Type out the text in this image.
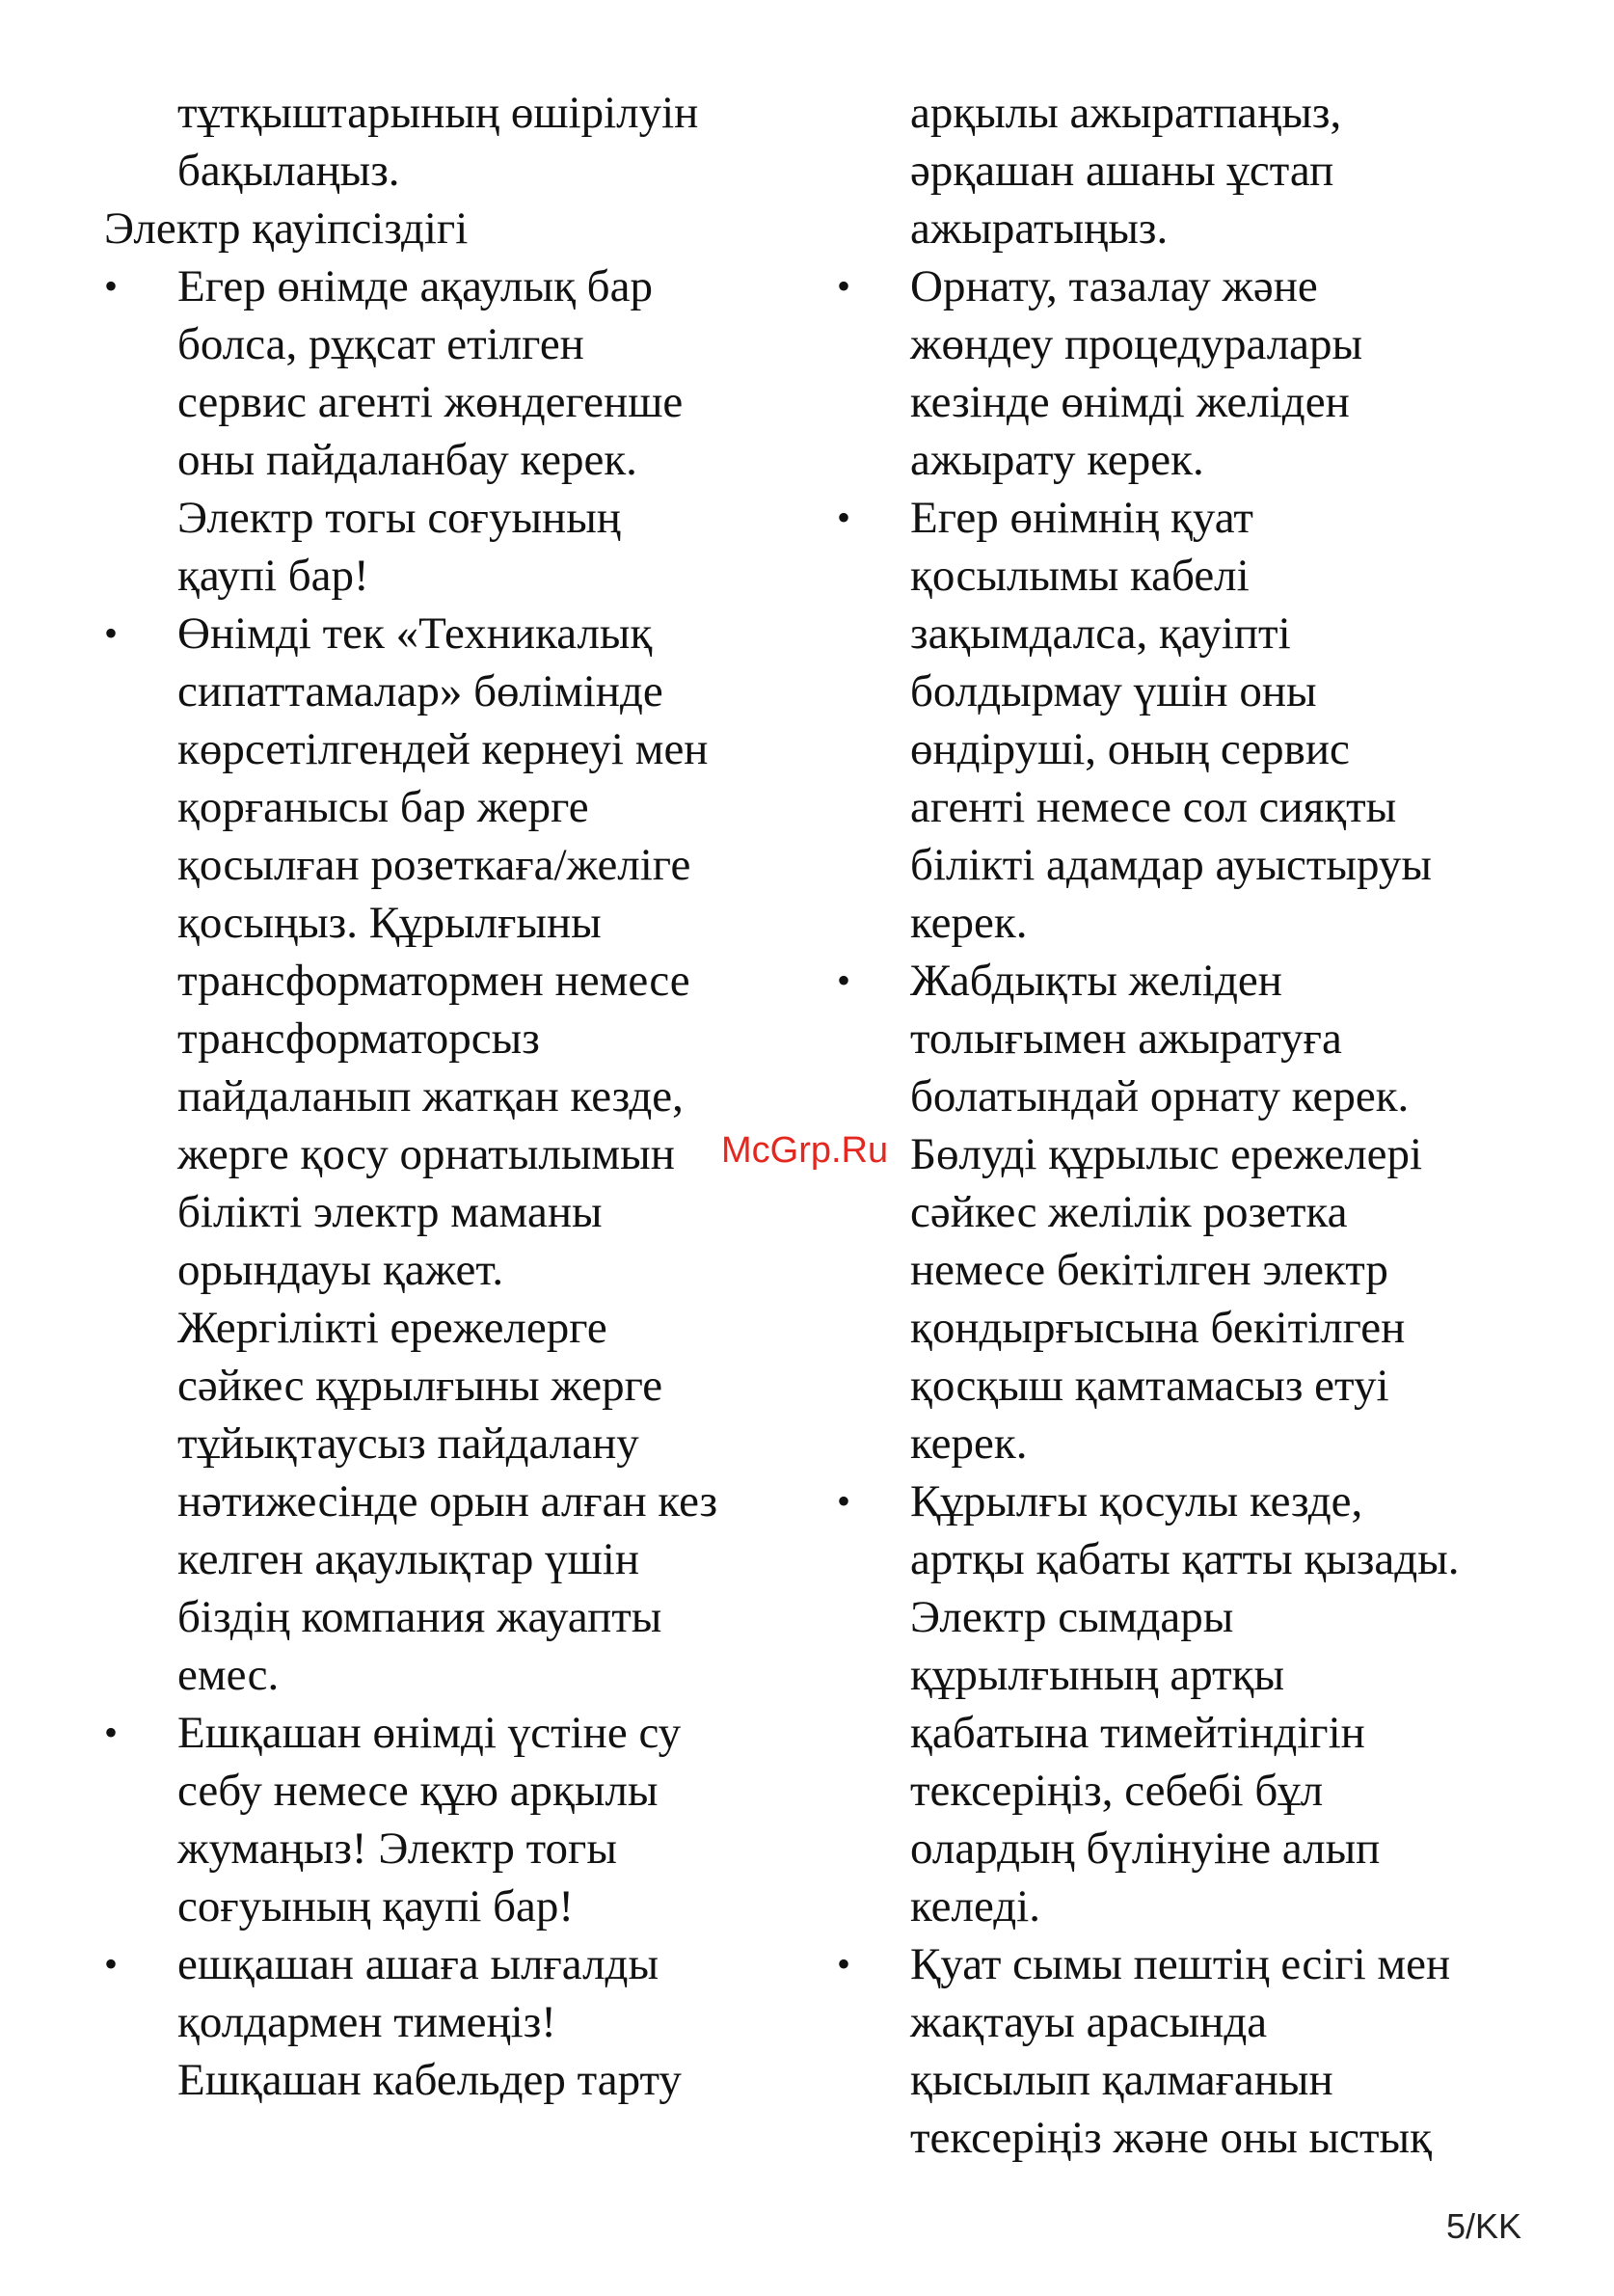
тұтқыштарының өшірілуін
бақылаңыз.
Электр қауіпсіздігі
• Егер өнімде ақаулық бар
болса, рұқсат етілген
сервис агенті жөндегенше
оны пайдаланбау керек.
Электр тогы соғуының
қаупі бар!
• Өнімді тек «Техникалық
сипаттамалар» бөлімінде
көрсетілгендей кернеуі мен
қорғанысы бар жерге
қосылған розеткаға/желіге
қосыңыз. Құрылғыны
трансформатормен немесе
трансформаторсыз
пайдаланып жатқан кезде,
жерге қосу орнатылымын
білікті электр маманы
орындауы қажет.
Жергілікті ережелерге
сәйкес құрылғыны жерге
тұйықтаусыз пайдалану
нәтижесінде орын алған кез
келген ақаулықтар үшін
біздің компания жауапты
емес.
• Ешқашан өнімді үстіне су
себу немесе құю арқылы
жумаңыз! Электр тогы
соғуының қаупі бар!
• ешқашан ашаға ылғалды
қолдармен тимеңіз!
Ешқашан кабельдер тарту
арқылы ажыратпаңыз,
әрқашан ашаны ұстап
ажыратыңыз.
• Орнату, тазалау және
жөндеу процедуралары
кезінде өнімді желіден
ажырату керек.
• Егер өнімнің қуат
қосылымы кабелі
зақымдалса, қауіпті
болдырмау үшін оны
өндіруші, оның сервис
агенті немесе сол сияқты
білікті адамдар ауыстыруы
керек.
• Жабдықты желіден
толығымен ажыратуға
болатындай орнату керек.
Бөлуді құрылыс ережелері
сәйкес желілік розетка
немесе бекітілген электр
қондырғысына бекітілген
қосқыш қамтамасыз етуі
керек.
• Құрылғы қосулы кезде,
артқы қабаты қатты қызады.
Электр сымдары
құрылғының артқы
қабатына тимейтіндігін
тексеріңіз, себебі бұл
олардың бүлінуіне алып
келеді.
• Қуат сымы пештің есігі мен
жақтауы арасында
қысылып қалмағанын
тексеріңіз және оны ыстық
McGrp.Ru
5/KK
